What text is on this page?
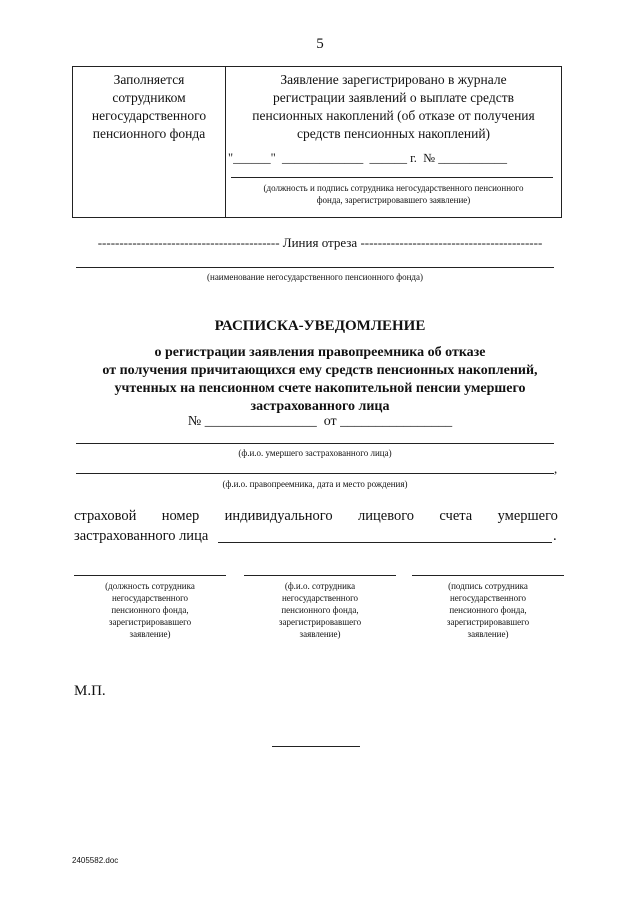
5
Заполняется
сотрудником
негосударственного
пенсионного фонда
Заявление зарегистрировано в журнале
регистрации заявлений о выплате средств
пенсионных накоплений (об отказе от получения
средств пенсионных накоплений)
"______"  _____________  ______ г.  № ___________
(должность и подпись сотрудника негосударственного пенсионного
фонда, зарегистрировавшего заявление)
------------------------------------------ Линия отреза ------------------------------------------
(наименование негосударственного пенсионного фонда)
РАСПИСКА-УВЕДОМЛЕНИЕ
о регистрации заявления правопреемника об отказе
от получения причитающихся ему средств пенсионных накоплений,
учтенных на пенсионном счете накопительной пенсии умершего
застрахованного лица
№ ________________  от ________________
(ф.и.о. умершего застрахованного лица)
,
(ф.и.о. правопреемника, дата и место рождения)
страховой номер индивидуального лицевого счета умершего
застрахованного лица	.
(должность сотрудника
негосударственного
пенсионного фонда,
зарегистрировавшего
заявление)
(ф.и.о. сотрудника
негосударственного
пенсионного фонда,
зарегистрировавшего
заявление)
(подпись сотрудника
негосударственного
пенсионного фонда,
зарегистрировавшего
заявление)
М.П.
2405582.doc
